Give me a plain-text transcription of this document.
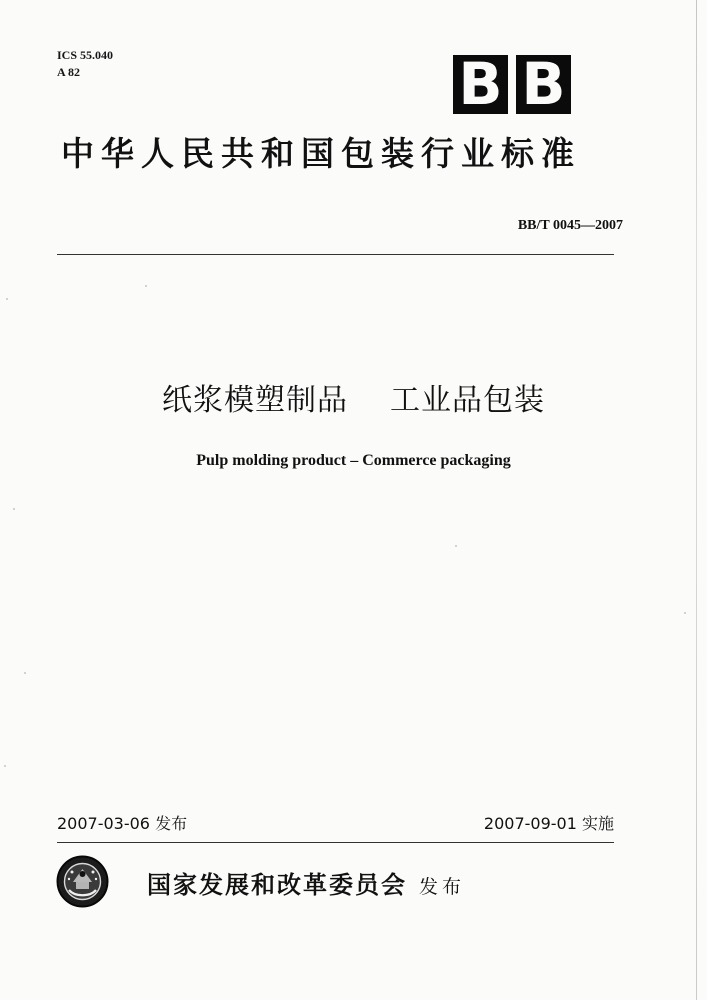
ICS 55.040
A 82	B B
中华人民共和国包装行业标准
BB/T 0045—2007
纸浆模塑制品 工业品包装
Pulp molding product – Commerce packaging
2007-03-06 发布	2007-09-01 实施
国家发展和改革委员会 发布
